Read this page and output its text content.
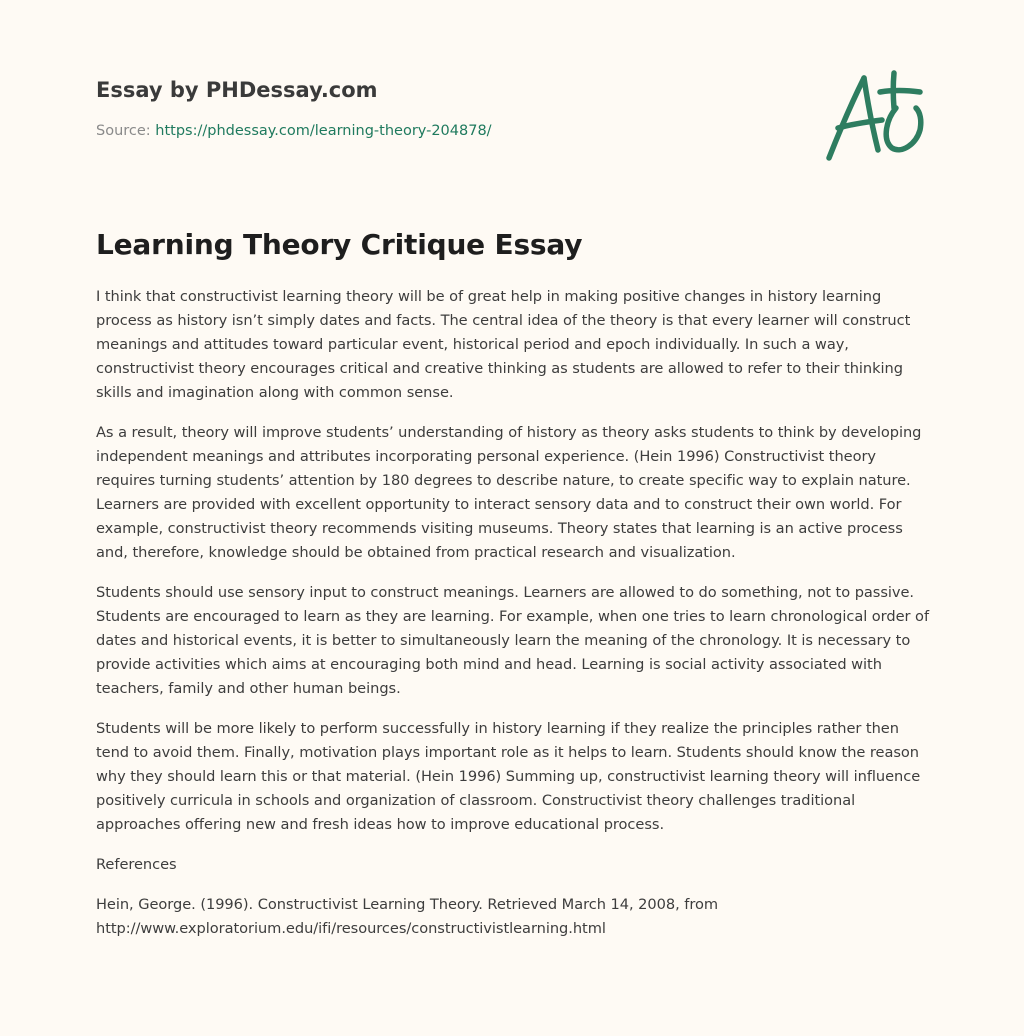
Essay by PHDessay.com

Source: https://phdessay.com/learning-theory-204878/
Learning Theory Critique Essay

I think that constructivist learning theory will be of great help in making positive changes in history learning process as history isn’t simply dates and facts. The central idea of the theory is that every learner will construct meanings and attitudes toward particular event, historical period and epoch individually. In such a way, constructivist theory encourages critical and creative thinking as students are allowed to refer to their thinking skills and imagination along with common sense.

As a result, theory will improve students’ understanding of history as theory asks students to think by developing independent meanings and attributes incorporating personal experience. (Hein 1996) Constructivist theory requires turning students’ attention by 180 degrees to describe nature, to create specific way to explain nature. Learners are provided with excellent opportunity to interact sensory data and to construct their own world. For example, constructivist theory recommends visiting museums. Theory states that learning is an active process and, therefore, knowledge should be obtained from practical research and visualization.

Students should use sensory input to construct meanings. Learners are allowed to do something, not to passive. Students are encouraged to learn as they are learning. For example, when one tries to learn chronological order of dates and historical events, it is better to simultaneously learn the meaning of the chronology. It is necessary to provide activities which aims at encouraging both mind and head. Learning is social activity associated with teachers, family and other human beings.

Students will be more likely to perform successfully in history learning if they realize the principles rather then tend to avoid them. Finally, motivation plays important role as it helps to learn. Students should know the reason why they should learn this or that material. (Hein 1996) Summing up, constructivist learning theory will influence positively curricula in schools and organization of classroom. Constructivist theory challenges traditional approaches offering new and fresh ideas how to improve educational process.

References

Hein, George. (1996). Constructivist Learning Theory. Retrieved March 14, 2008, from http://www.exploratorium.edu/ifi/resources/constructivistlearning.html
